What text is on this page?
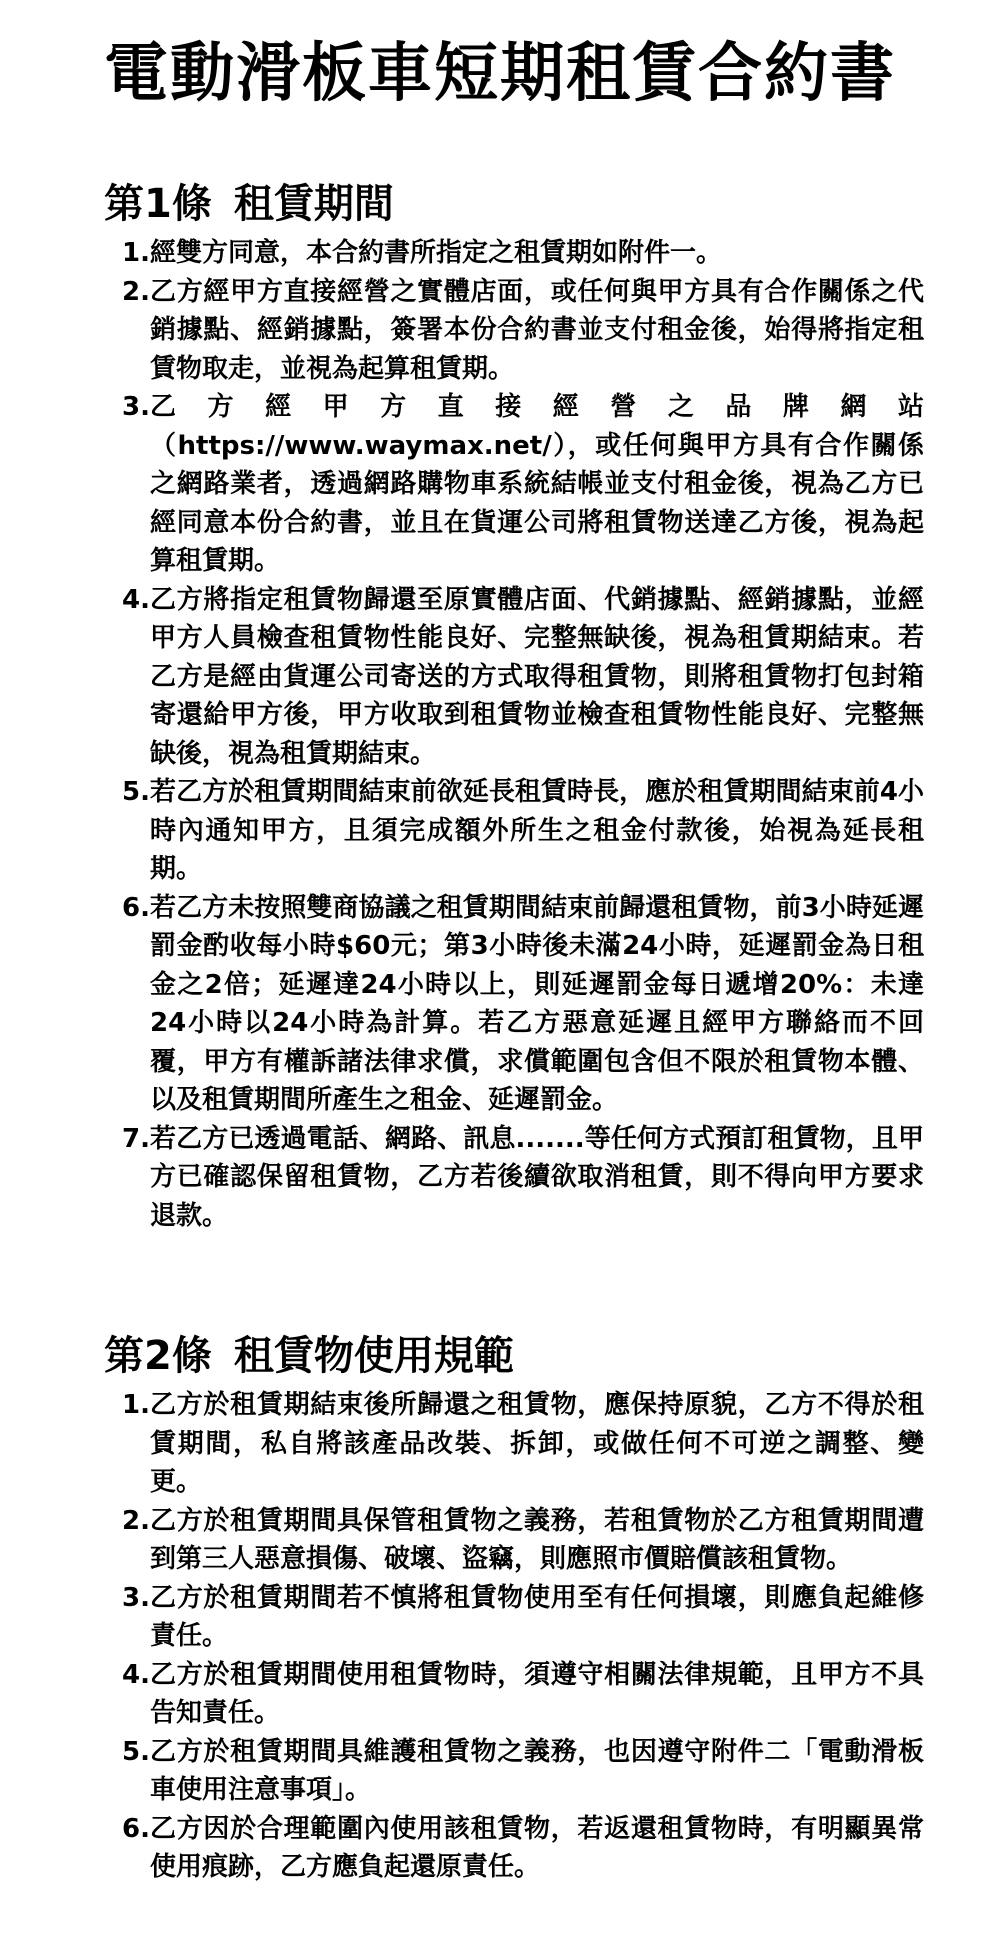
電動滑板車短期租賃合約書
第1條 租賃期間
1. 經雙方同意，本合約書所指定之租賃期如附件一。
2. 乙方經甲方直接經營之實體店面，或任何與甲方具有合作關係之代銷據點、經銷據點，簽署本份合約書並支付租金後，始得將指定租賃物取走，並視為起算租賃期。
3. 乙方經甲方直接經營之品牌網站（https://www.waymax.net/），或任何與甲方具有合作關係之網路業者，透過網路購物車系統結帳並支付租金後，視為乙方已經同意本份合約書，並且在貨運公司將租賃物送達乙方後，視為起算租賃期。
4. 乙方將指定租賃物歸還至原實體店面、代銷據點、經銷據點，並經甲方人員檢查租賃物性能良好、完整無缺後，視為租賃期結束。若乙方是經由貨運公司寄送的方式取得租賃物，則將租賃物打包封箱寄還給甲方後，甲方收取到租賃物並檢查租賃物性能良好、完整無缺後，視為租賃期結束。
5. 若乙方於租賃期間結束前欲延長租賃時長，應於租賃期間結束前4小時內通知甲方，且須完成額外所生之租金付款後，始視為延長租期。
6. 若乙方未按照雙商協議之租賃期間結束前歸還租賃物，前3小時延遲罰金酌收每小時$60元；第3小時後未滿24小時，延遲罰金為日租金之2倍；延遲達24小時以上，則延遲罰金每日遞增20%：未達24小時以24小時為計算。若乙方惡意延遲且經甲方聯絡而不回覆，甲方有權訴諸法律求償，求償範圍包含但不限於租賃物本體、以及租賃期間所產生之租金、延遲罰金。
7. 若乙方已透過電話、網路、訊息.......等任何方式預訂租賃物，且甲方已確認保留租賃物，乙方若後續欲取消租賃，則不得向甲方要求退款。
第2條 租賃物使用規範
1. 乙方於租賃期結束後所歸還之租賃物，應保持原貌，乙方不得於租賃期間，私自將該產品改裝、拆卸，或做任何不可逆之調整、變更。
2. 乙方於租賃期間具保管租賃物之義務，若租賃物於乙方租賃期間遭到第三人惡意損傷、破壞、盜竊，則應照市價賠償該租賃物。
3. 乙方於租賃期間若不慎將租賃物使用至有任何損壞，則應負起維修責任。
4. 乙方於租賃期間使用租賃物時，須遵守相關法律規範，且甲方不具告知責任。
5. 乙方於租賃期間具維護租賃物之義務，也因遵守附件二「電動滑板車使用注意事項」。
6. 乙方因於合理範圍內使用該租賃物，若返還租賃物時，有明顯異常使用痕跡，乙方應負起還原責任。
